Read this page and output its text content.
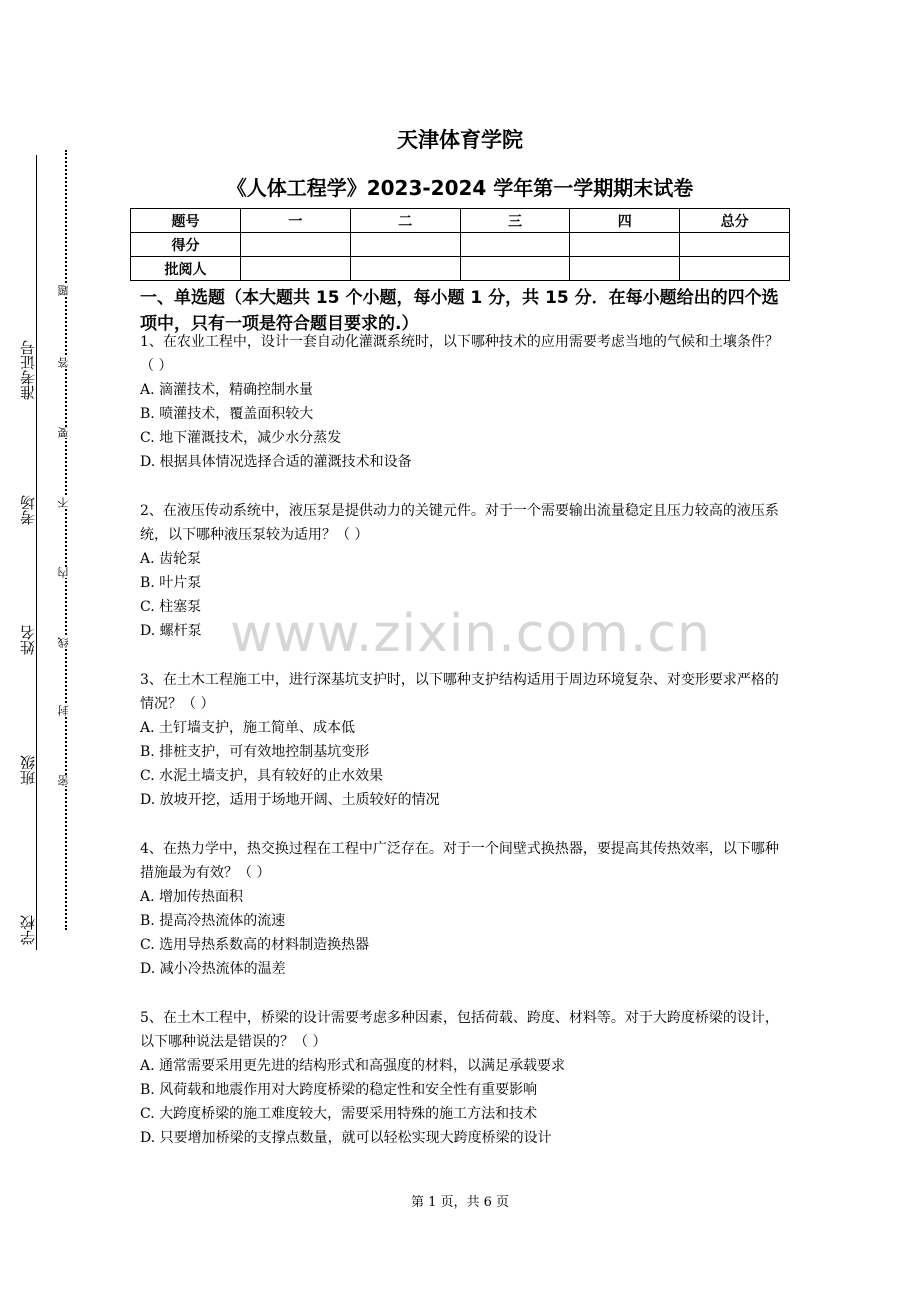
准考证号
考场
姓名
班级
学校
题
答
要
不
内
线
封
密
天津体育学院
《人体工程学》2023-2024 学年第一学期期末试卷
题号	一	二	三	四	总分
得分					
批阅人					
一、单选题（本大题共 15 个小题，每小题 1 分，共 15 分．在每小题给出的四个选项中，只有一项是符合题目要求的.）
www.zixin.com.cn

1、在农业工程中，设计一套自动化灌溉系统时，以下哪种技术的应用需要考虑当地的气候和土壤条件？（ ）

A. 滴灌技术，精确控制水量

B. 喷灌技术，覆盖面积较大

C. 地下灌溉技术，减少水分蒸发

D. 根据具体情况选择合适的灌溉技术和设备

2、在液压传动系统中，液压泵是提供动力的关键元件。对于一个需要输出流量稳定且压力较高的液压系统，以下哪种液压泵较为适用？（ ）

A. 齿轮泵

B. 叶片泵

C. 柱塞泵

D. 螺杆泵

3、在土木工程施工中，进行深基坑支护时，以下哪种支护结构适用于周边环境复杂、对变形要求严格的情况？（ ）

A. 土钉墙支护，施工简单、成本低

B. 排桩支护，可有效地控制基坑变形

C. 水泥土墙支护，具有较好的止水效果

D. 放坡开挖，适用于场地开阔、土质较好的情况

4、在热力学中，热交换过程在工程中广泛存在。对于一个间壁式换热器，要提高其传热效率，以下哪种措施最为有效？（ ）

A. 增加传热面积

B. 提高冷热流体的流速

C. 选用导热系数高的材料制造换热器

D. 减小冷热流体的温差

5、在土木工程中，桥梁的设计需要考虑多种因素，包括荷载、跨度、材料等。对于大跨度桥梁的设计，以下哪种说法是错误的？（ ）

A. 通常需要采用更先进的结构形式和高强度的材料，以满足承载要求

B. 风荷载和地震作用对大跨度桥梁的稳定性和安全性有重要影响

C. 大跨度桥梁的施工难度较大，需要采用特殊的施工方法和技术

D. 只要增加桥梁的支撑点数量，就可以轻松实现大跨度桥梁的设计

第 1 页，共 6 页
